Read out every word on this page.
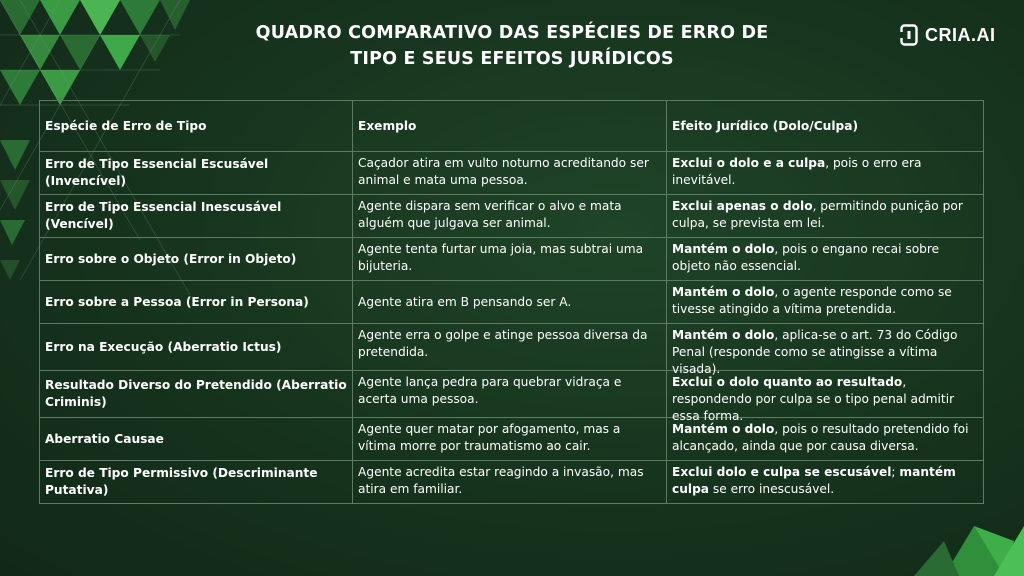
QUADRO COMPARATIVO DAS ESPÉCIES DE ERRO DE
TIPO E SEUS EFEITOS JURÍDICOS
CRIA.AI
Espécie de Erro de Tipo	Exemplo	Efeito Jurídico (Dolo/Culpa)
Erro de Tipo Essencial Escusável (Invencível)	Caçador atira em vulto noturno acreditando ser animal e mata uma pessoa.	Exclui o dolo e a culpa, pois o erro era inevitável.

Erro de Tipo Essencial Inescusável (Vencível)	Agente dispara sem verificar o alvo e mata alguém que julgava ser animal.	Exclui apenas o dolo, permitindo punição por culpa, se prevista em lei.

Erro sobre o Objeto (Error in Objeto)	Agente tenta furtar uma joia, mas subtrai uma bijuteria.	Mantém o dolo, pois o engano recai sobre objeto não essencial.

Erro sobre a Pessoa (Error in Persona)	Agente atira em B pensando ser A.	Mantém o dolo, o agente responde como se tivesse atingido a vítima pretendida.

Erro na Execução (Aberratio Ictus)	Agente erra o golpe e atinge pessoa diversa da pretendida.	Mantém o dolo, aplica-se o art. 73 do Código Penal (responde como se atingisse a vítima visada).

Resultado Diverso do Pretendido (Aberratio Criminis)	Agente lança pedra para quebrar vidraça e acerta uma pessoa.	Exclui o dolo quanto ao resultado, respondendo por culpa se o tipo penal admitir essa forma.

Aberratio Causae	Agente quer matar por afogamento, mas a vítima morre por traumatismo ao cair.	Mantém o dolo, pois o resultado pretendido foi alcançado, ainda que por causa diversa.

Erro de Tipo Permissivo (Descriminante Putativa)	Agente acredita estar reagindo a invasão, mas atira em familiar.	Exclui dolo e culpa se escusável; mantém culpa se erro inescusável.
